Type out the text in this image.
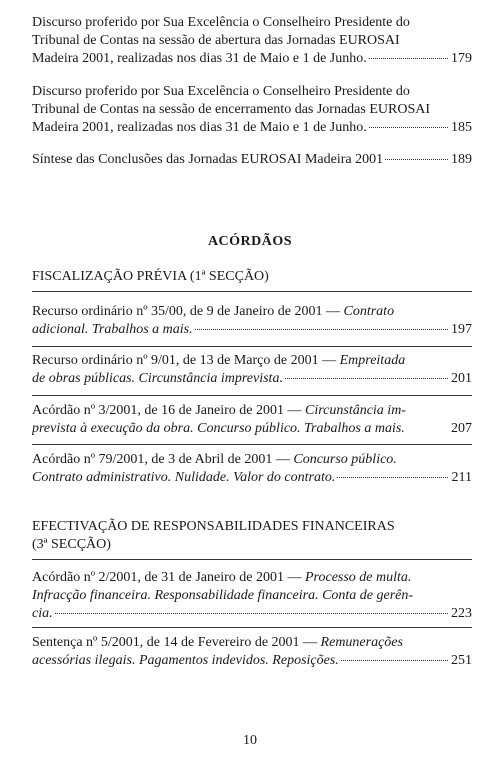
Discurso proferido por Sua Excelência o Conselheiro Presidente do
Tribunal de Contas na sessão de abertura das Jornadas EUROSAI
Madeira 2001, realizadas nos dias 31 de Maio e 1 de Junho.	179
Discurso proferido por Sua Excelência o Conselheiro Presidente do
Tribunal de Contas na sessão de encerramento das Jornadas EUROSAI
Madeira 2001, realizadas nos dias 31 de Maio e 1 de Junho.	185
Síntese das Conclusões das Jornadas EUROSAI Madeira 2001	189
ACÓRDÃOS
FISCALIZAÇÃO PRÉVIA (1ª SECÇÃO)
Recurso ordinário nº 35/00, de 9 de Janeiro de 2001 — Contrato
adicional. Trabalhos a mais.	197
Recurso ordinário nº 9/01, de 13 de Março de 2001 — Empreitada
de obras públicas. Circunstância imprevista.	201
Acórdão nº 3/2001, de 16 de Janeiro de 2001 — Circunstância im-
prevista à execução da obra. Concurso público. Trabalhos a mais.	207
Acórdão nº 79/2001, de 3 de Abril de 2001 — Concurso público.
Contrato administrativo. Nulidade. Valor do contrato.	211
EFECTIVAÇÃO DE RESPONSABILIDADES FINANCEIRAS
(3ª SECÇÃO)
Acórdão nº 2/2001, de 31 de Janeiro de 2001 — Processo de multa.
Infracção financeira. Responsabilidade financeira. Conta de gerên-
cia.	223
Sentença nº 5/2001, de 14 de Fevereiro de 2001 — Remunerações
acessórias ilegais. Pagamentos indevidos. Reposições.	251
10
